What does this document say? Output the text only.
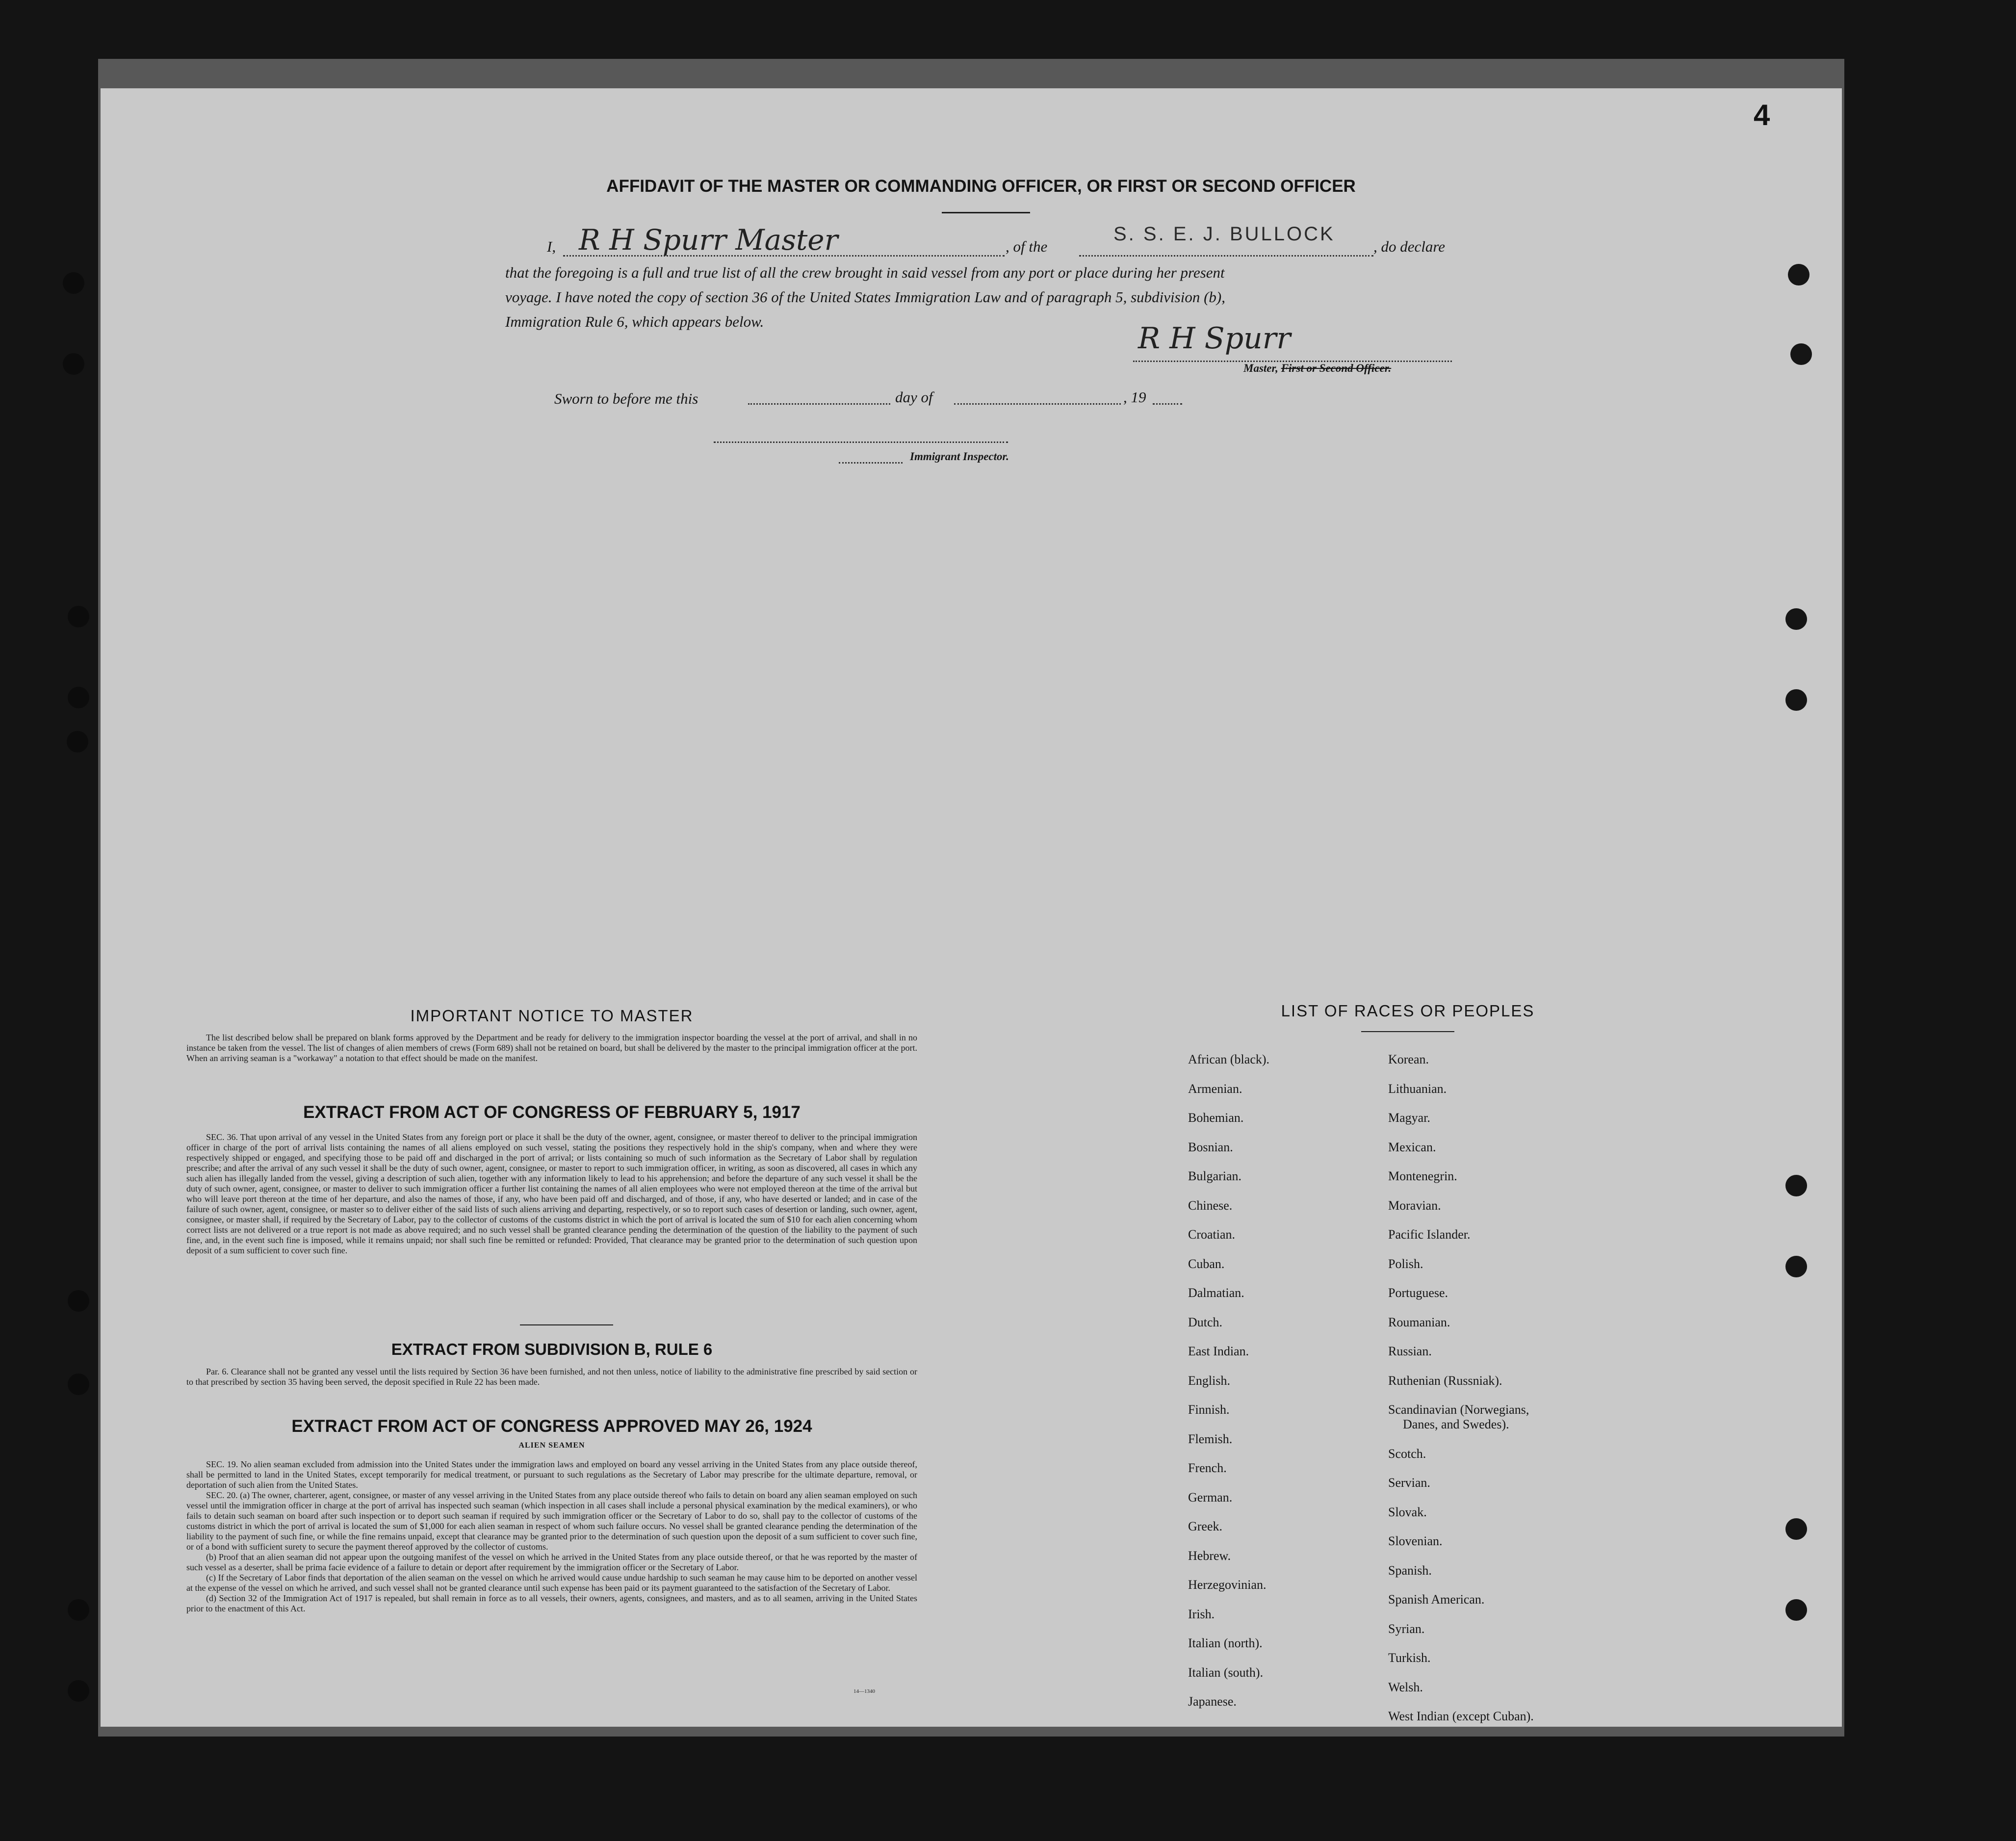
4
AFFIDAVIT OF THE MASTER OR COMMANDING OFFICER, OR FIRST OR SECOND OFFICER
I, R H Spurr Master	, of the
S. S. E. J. BULLOCK
, do declare
that the foregoing is a full and true list of all the crew brought in said vessel from any port or place during her present
voyage. I have noted the copy of section 36 of the United States Immigration Law and of paragraph 5, subdivision (b),
Immigration Rule 6, which appears below.	R H Spurr
Master, First or Second Officer.
Sworn to before me this	day of	, 19
Immigrant Inspector.
IMPORTANT NOTICE TO MASTER

The list described below shall be prepared on blank forms approved by the Department and be ready for delivery to the immigration inspector boarding the vessel at the port of arrival, and shall in no instance be taken from the vessel. The list of changes of alien members of crews (Form 689) shall not be retained on board, but shall be delivered by the master to the principal immigration officer at the port. When an arriving seaman is a "workaway" a notation to that effect should be made on the manifest.

EXTRACT FROM ACT OF CONGRESS OF FEBRUARY 5, 1917

SEC. 36. That upon arrival of any vessel in the United States from any foreign port or place it shall be the duty of the owner, agent, consignee, or master thereof to deliver to the principal immigration officer in charge of the port of arrival lists containing the names of all aliens employed on such vessel, stating the positions they respectively hold in the ship's company, when and where they were respectively shipped or engaged, and specifying those to be paid off and discharged in the port of arrival; or lists containing so much of such information as the Secretary of Labor shall by regulation prescribe; and after the arrival of any such vessel it shall be the duty of such owner, agent, consignee, or master to report to such immigration officer, in writing, as soon as discovered, all cases in which any such alien has illegally landed from the vessel, giving a description of such alien, together with any information likely to lead to his apprehension; and before the departure of any such vessel it shall be the duty of such owner, agent, consignee, or master to deliver to such immigration officer a further list containing the names of all alien employees who were not employed thereon at the time of the arrival but who will leave port thereon at the time of her departure, and also the names of those, if any, who have been paid off and discharged, and of those, if any, who have deserted or landed; and in case of the failure of such owner, agent, consignee, or master so to deliver either of the said lists of such aliens arriving and departing, respectively, or so to report such cases of desertion or landing, such owner, agent, consignee, or master shall, if required by the Secretary of Labor, pay to the collector of customs of the customs district in which the port of arrival is located the sum of $10 for each alien concerning whom correct lists are not delivered or a true report is not made as above required; and no such vessel shall be granted clearance pending the determination of the question of the liability to the payment of such fine, and, in the event such fine is imposed, while it remains unpaid; nor shall such fine be remitted or refunded: Provided, That clearance may be granted prior to the determination of such question upon deposit of a sum sufficient to cover such fine.

EXTRACT FROM SUBDIVISION B, RULE 6

Par. 6. Clearance shall not be granted any vessel until the lists required by Section 36 have been furnished, and not then unless, notice of liability to the administrative fine prescribed by said section or to that prescribed by section 35 having been served, the deposit specified in Rule 22 has been made.

EXTRACT FROM ACT OF CONGRESS APPROVED MAY 26, 1924
ALIEN SEAMEN

SEC. 19. No alien seaman excluded from admission into the United States under the immigration laws and employed on board any vessel arriving in the United States from any place outside thereof, shall be permitted to land in the United States, except temporarily for medical treatment, or pursuant to such regulations as the Secretary of Labor may prescribe for the ultimate departure, removal, or deportation of such alien from the United States.

SEC. 20. (a) The owner, charterer, agent, consignee, or master of any vessel arriving in the United States from any place outside thereof who fails to detain on board any alien seaman employed on such vessel until the immigration officer in charge at the port of arrival has inspected such seaman (which inspection in all cases shall include a personal physical examination by the medical examiners), or who fails to detain such seaman on board after such inspection or to deport such seaman if required by such immigration officer or the Secretary of Labor to do so, shall pay to the collector of customs of the customs district in which the port of arrival is located the sum of $1,000 for each alien seaman in respect of whom such failure occurs. No vessel shall be granted clearance pending the determination of the liability to the payment of such fine, or while the fine remains unpaid, except that clearance may be granted prior to the determination of such question upon the deposit of a sum sufficient to cover such fine, or of a bond with sufficient surety to secure the payment thereof approved by the collector of customs.

(b) Proof that an alien seaman did not appear upon the outgoing manifest of the vessel on which he arrived in the United States from any place outside thereof, or that he was reported by the master of such vessel as a deserter, shall be prima facie evidence of a failure to detain or deport after requirement by the immigration officer or the Secretary of Labor.

(c) If the Secretary of Labor finds that deportation of the alien seaman on the vessel on which he arrived would cause undue hardship to such seaman he may cause him to be deported on another vessel at the expense of the vessel on which he arrived, and such vessel shall not be granted clearance until such expense has been paid or its payment guaranteed to the satisfaction of the Secretary of Labor.

(d) Section 32 of the Immigration Act of 1917 is repealed, but shall remain in force as to all vessels, their owners, agents, consignees, and masters, and as to all seamen, arriving in the United States prior to the enactment of this Act.

14—1340
LIST OF RACES OR PEOPLES
African (black).
Armenian.
Bohemian.
Bosnian.
Bulgarian.
Chinese.
Croatian.
Cuban.
Dalmatian.
Dutch.
East Indian.
English.
Finnish.
Flemish.
French.
German.
Greek.
Hebrew.
Herzegovinian.
Irish.
Italian (north).
Italian (south).
Japanese.
Korean.
Lithuanian.
Magyar.
Mexican.
Montenegrin.
Moravian.
Pacific Islander.
Polish.
Portuguese.
Roumanian.
Russian.
Ruthenian (Russniak).
Scandinavian (Norwegians,
Danes, and Swedes).
Scotch.
Servian.
Slovak.
Slovenian.
Spanish.
Spanish American.
Syrian.
Turkish.
Welsh.
West Indian (except Cuban).
